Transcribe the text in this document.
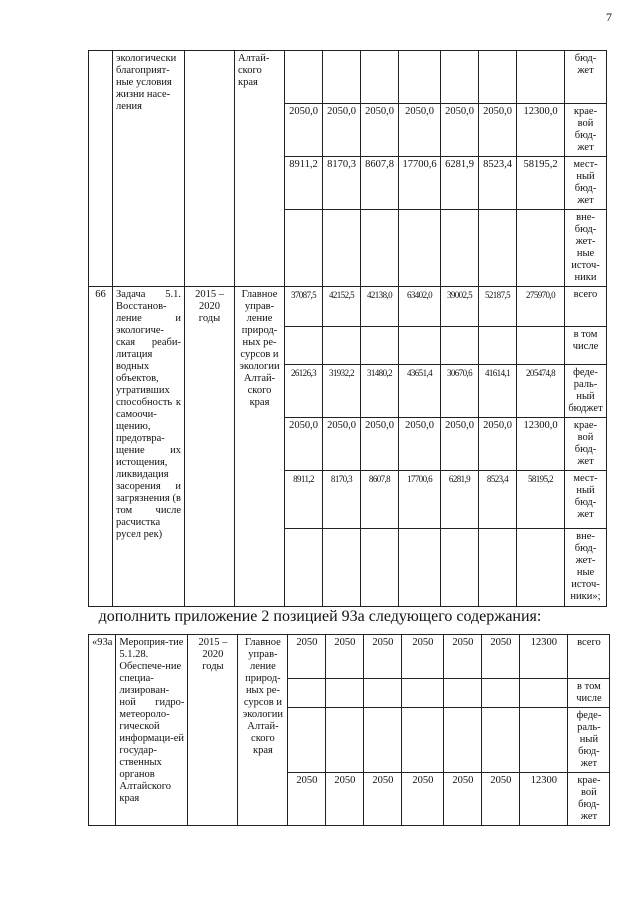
7
	экологически благоприят-ные условия жизни насе-ления		Алтай-ского края								бюд-жет
				2050,0	2050,0	2050,0	2050,0	2050,0	2050,0	12300,0	крае-вой бюд-жет
				8911,2	8170,3	8607,8	17700,6	6281,9	8523,4	58195,2	мест-ный бюд-жет
											вне-бюд-жет-ные источ-ники
66	Задача 5.1. Восстанов-ление и экологиче-ская реаби-литация водных объектов, утративших способность к самоочи-щению, предотвра-щение их истощения, ликвидация засорения и загрязнения (в том числе расчистка русел рек)	2015 – 2020 годы	Главное управ-ление природ-ных ре-сурсов и экологии Алтай-ского края	37087,5	42152,5	42138,0	63402,0	39002,5	52187,5	275970,0	всего
											в том числе
				26126,3	31932,2	31480,2	43651,4	30670,6	41614,1	205474,8	феде-раль-ный бюджет
				2050,0	2050,0	2050,0	2050,0	2050,0	2050,0	12300,0	крае-вой бюд-жет
				8911,2	8170,3	8607,8	17700,6	6281,9	8523,4	58195,2	мест-ный бюд-жет
											вне-бюд-жет-ные источ-ники»;
дополнить приложение 2 позицией 93а следующего содержания:
«93а	Мероприя-тие 5.1.28. Обеспече-ние специа-лизирован-ной гидро-метеороло-гической информаци-ей государ-ственных органов Алтайского края	2015 – 2020 годы	Главное управ-ление природ-ных ре-сурсов и экологии Алтай-ского края	2050	2050	2050	2050	2050	2050	12300	всего
											в том числе
											феде-раль-ный бюд-жет
				2050	2050	2050	2050	2050	2050	12300	крае-вой бюд-жет
